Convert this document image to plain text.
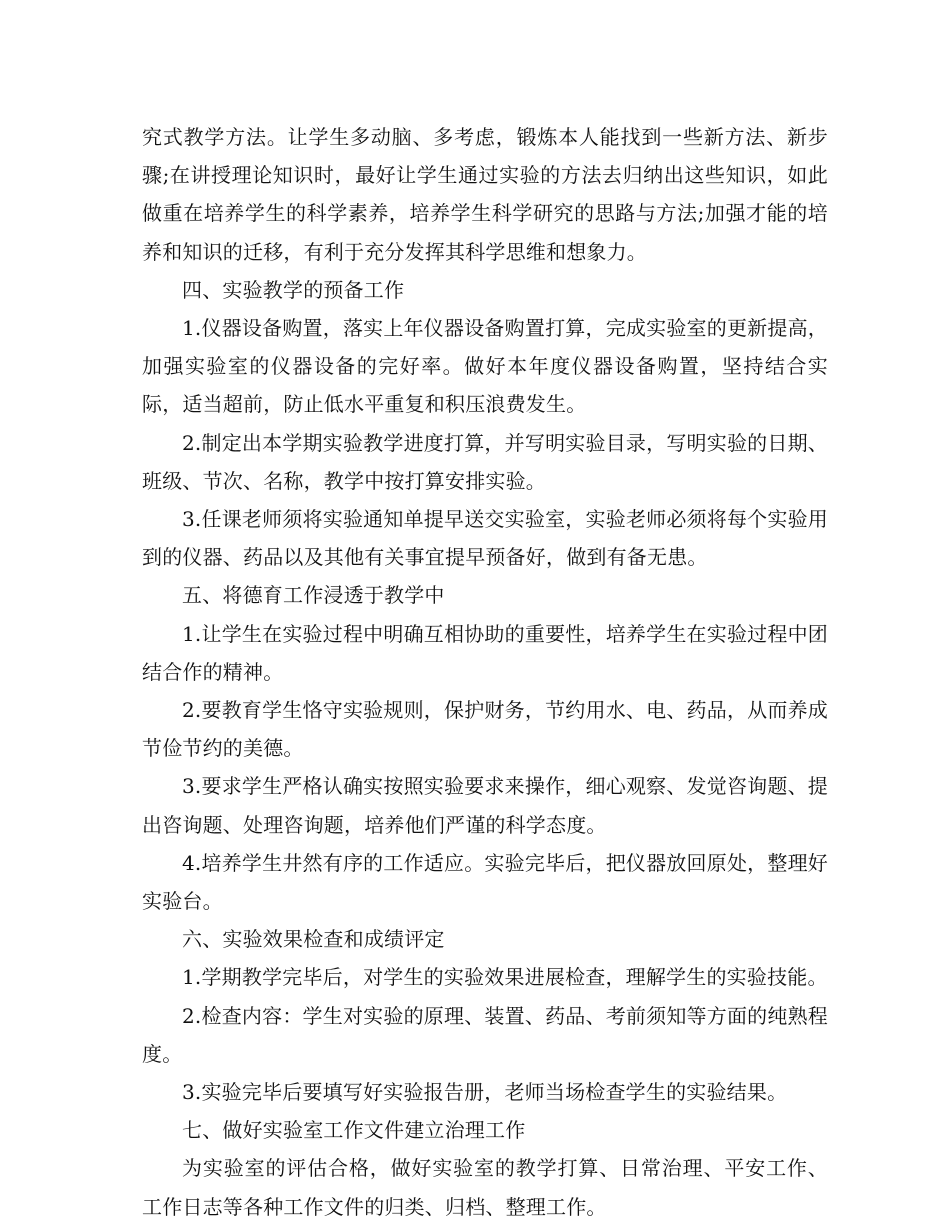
究式教学方法。让学生多动脑、多考虑，锻炼本人能找到一些新方法、新步骤;在讲授理论知识时，最好让学生通过实验的方法去归纳出这些知识，如此做重在培养学生的科学素养，培养学生科学研究的思路与方法;加强才能的培养和知识的迁移，有利于充分发挥其科学思维和想象力。

四、实验教学的预备工作

1.仪器设备购置，落实上年仪器设备购置打算，完成实验室的更新提高，加强实验室的仪器设备的完好率。做好本年度仪器设备购置，坚持结合实际，适当超前，防止低水平重复和积压浪费发生。

2.制定出本学期实验教学进度打算，并写明实验目录，写明实验的日期、班级、节次、名称，教学中按打算安排实验。

3.任课老师须将实验通知单提早送交实验室，实验老师必须将每个实验用到的仪器、药品以及其他有关事宜提早预备好，做到有备无患。

五、将德育工作浸透于教学中

1.让学生在实验过程中明确互相协助的重要性，培养学生在实验过程中团结合作的精神。

2.要教育学生恪守实验规则，保护财务，节约用水、电、药品，从而养成节俭节约的美德。

3.要求学生严格认确实按照实验要求来操作，细心观察、发觉咨询题、提出咨询题、处理咨询题，培养他们严谨的科学态度。

4.培养学生井然有序的工作适应。实验完毕后，把仪器放回原处，整理好实验台。

六、实验效果检查和成绩评定

1.学期教学完毕后，对学生的实验效果进展检查，理解学生的实验技能。

2.检查内容：学生对实验的原理、装置、药品、考前须知等方面的纯熟程度。

3.实验完毕后要填写好实验报告册，老师当场检查学生的实验结果。

七、做好实验室工作文件建立治理工作

为实验室的评估合格，做好实验室的教学打算、日常治理、平安工作、工作日志等各种工作文件的归类、归档、整理工作。
